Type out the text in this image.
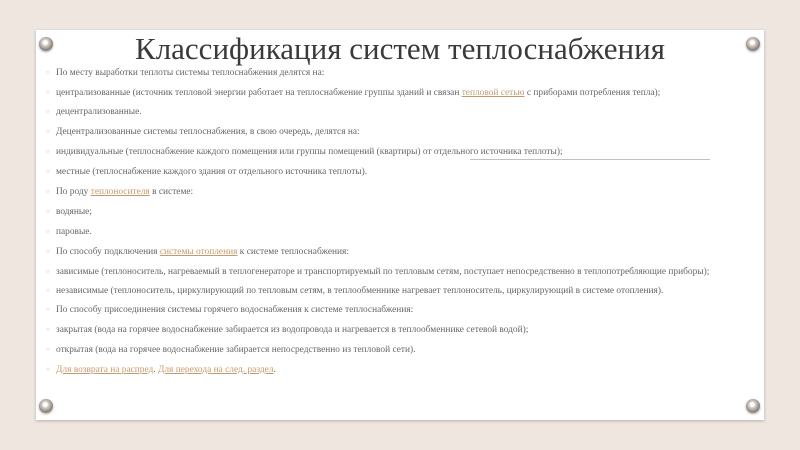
Классификация систем теплоснабжения
○ По месту выработки теплоты системы теплоснабжения делятся на:
○ централизованные (источник тепловой энергии работает на теплоснабжение группы зданий и связан тепловой сетью с приборами потребления тепла);
○ децентрализованные.
○ Децентрализованные системы теплоснабжения, в свою очередь, делятся на:
○ индивидуальные (теплоснабжение каждого помещения или группы помещений (квартиры) от отдельного источника теплоты);
○ местные (теплоснабжение каждого здания от отдельного источника теплоты).
○ По роду теплоносителя в системе:
○ водяные;
○ паровые.
○ По способу подключения системы отопления к системе теплоснабжения:
○ зависимые (теплоноситель, нагреваемый в теплогенераторе и транспортируемый по тепловым сетям, поступает непосредственно в теплопотребляющие приборы);
○ независимые (теплоноситель, циркулирующий по тепловым сетям, в теплообменнике нагревает теплоноситель, циркулирующий в системе отопления).
○ По способу присоединения системы горячего водоснабжения к системе теплоснабжения:
○ закрытая (вода на горячее водоснабжение забирается из водопровода и нагревается в теплообменнике сетевой водой);
○ открытая (вода на горячее водоснабжение забирается непосредственно из тепловой сети).
○ Для возврата на распред. Для перехода на след. раздел.
